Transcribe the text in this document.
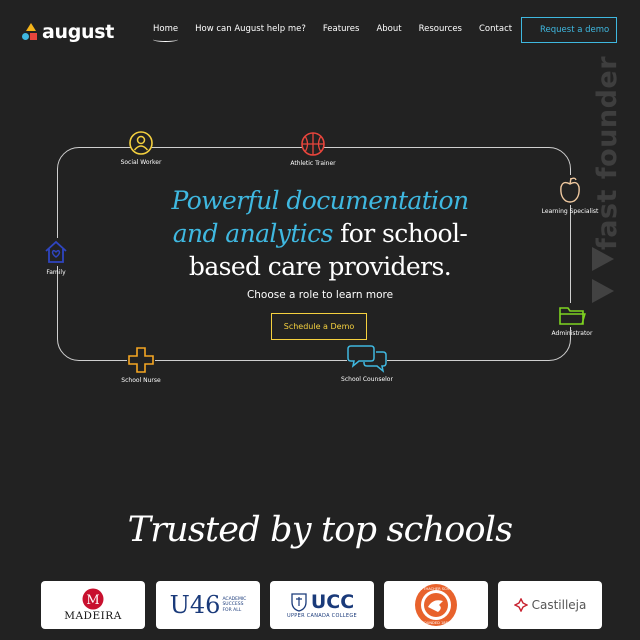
august	Home How can August help me? Features About Resources Contact	Request a demo
fast founder
Social Worker	Athletic Trainer
Learning Specialist
Family
Administrator
School Nurse	School Counselor
Powerful documentation
and analytics for school-
based care providers.
Choose a role to learn more
Schedule a Demo
Trusted by top schools
M
MADEIRA U46 ACADEMIC
SUCCESS
FOR ALL	UCC
UPPER CANADA COLLEGE
THE THACHER SCHOOL
FOUNDED 1889
Castilleja
